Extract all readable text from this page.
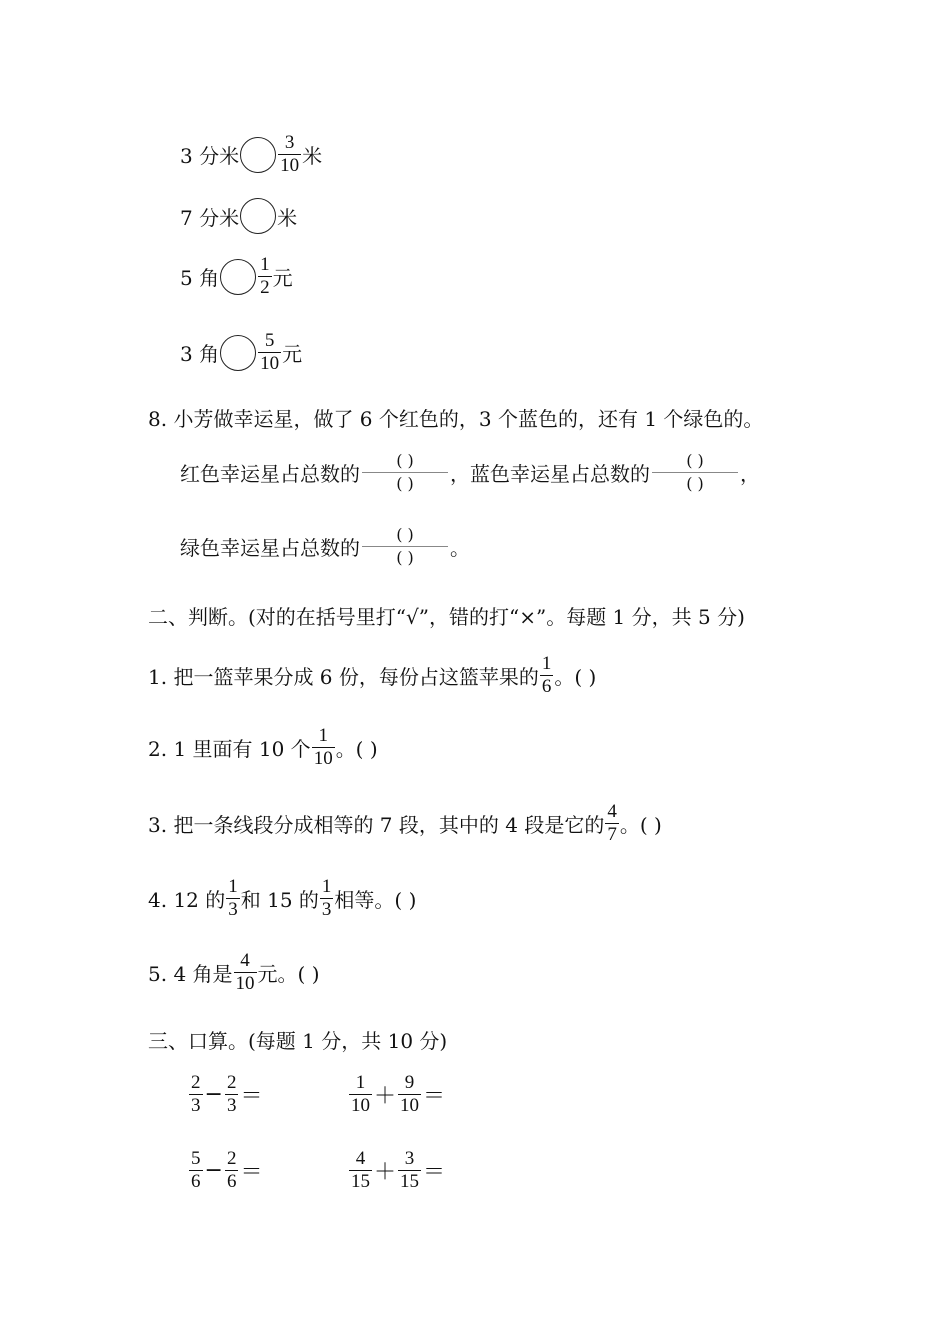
3 分米 $\frac{3}{10}$ 米
7 分米 米
5 角 $\frac{1}{2}$ 元
3 角 $\frac{5}{10}$ 元
8. 小芳做幸运星，做了 6 个红色的，3 个蓝色的，还有 1 个绿色的。
红色幸运星占总数的
( )
( )	，蓝色幸运星占总数的
( )
( )	，
绿色幸运星占总数的
( )
( )	。
二、判断。(对的在括号里打“√”，错的打“×”。每题 1 分，共 5 分)
1. 把一篮苹果分成 6 份，每份占这篮苹果的 $\frac{1}{6}$ 。( )
2. 1 里面有 10 个 $\frac{1}{10}$ 。( )
3. 把一条线段分成相等的 7 段，其中的 4 段是它的 $\frac{4}{7}$ 。( )
4. 12 的 $\frac{1}{3}$ 和 15 的 $\frac{1}{3}$ 相等。( )
5. 4 角是 $\frac{4}{10}$ 元。( )
三、口算。(每题 1 分，共 10 分)
$\frac{2}{3} - \frac{2}{3}$ ＝	$\frac{1}{10} + \frac{9}{10}$ ＝
$\frac{5}{6} - \frac{2}{6}$ ＝	$\frac{4}{15} + \frac{3}{15}$ ＝
